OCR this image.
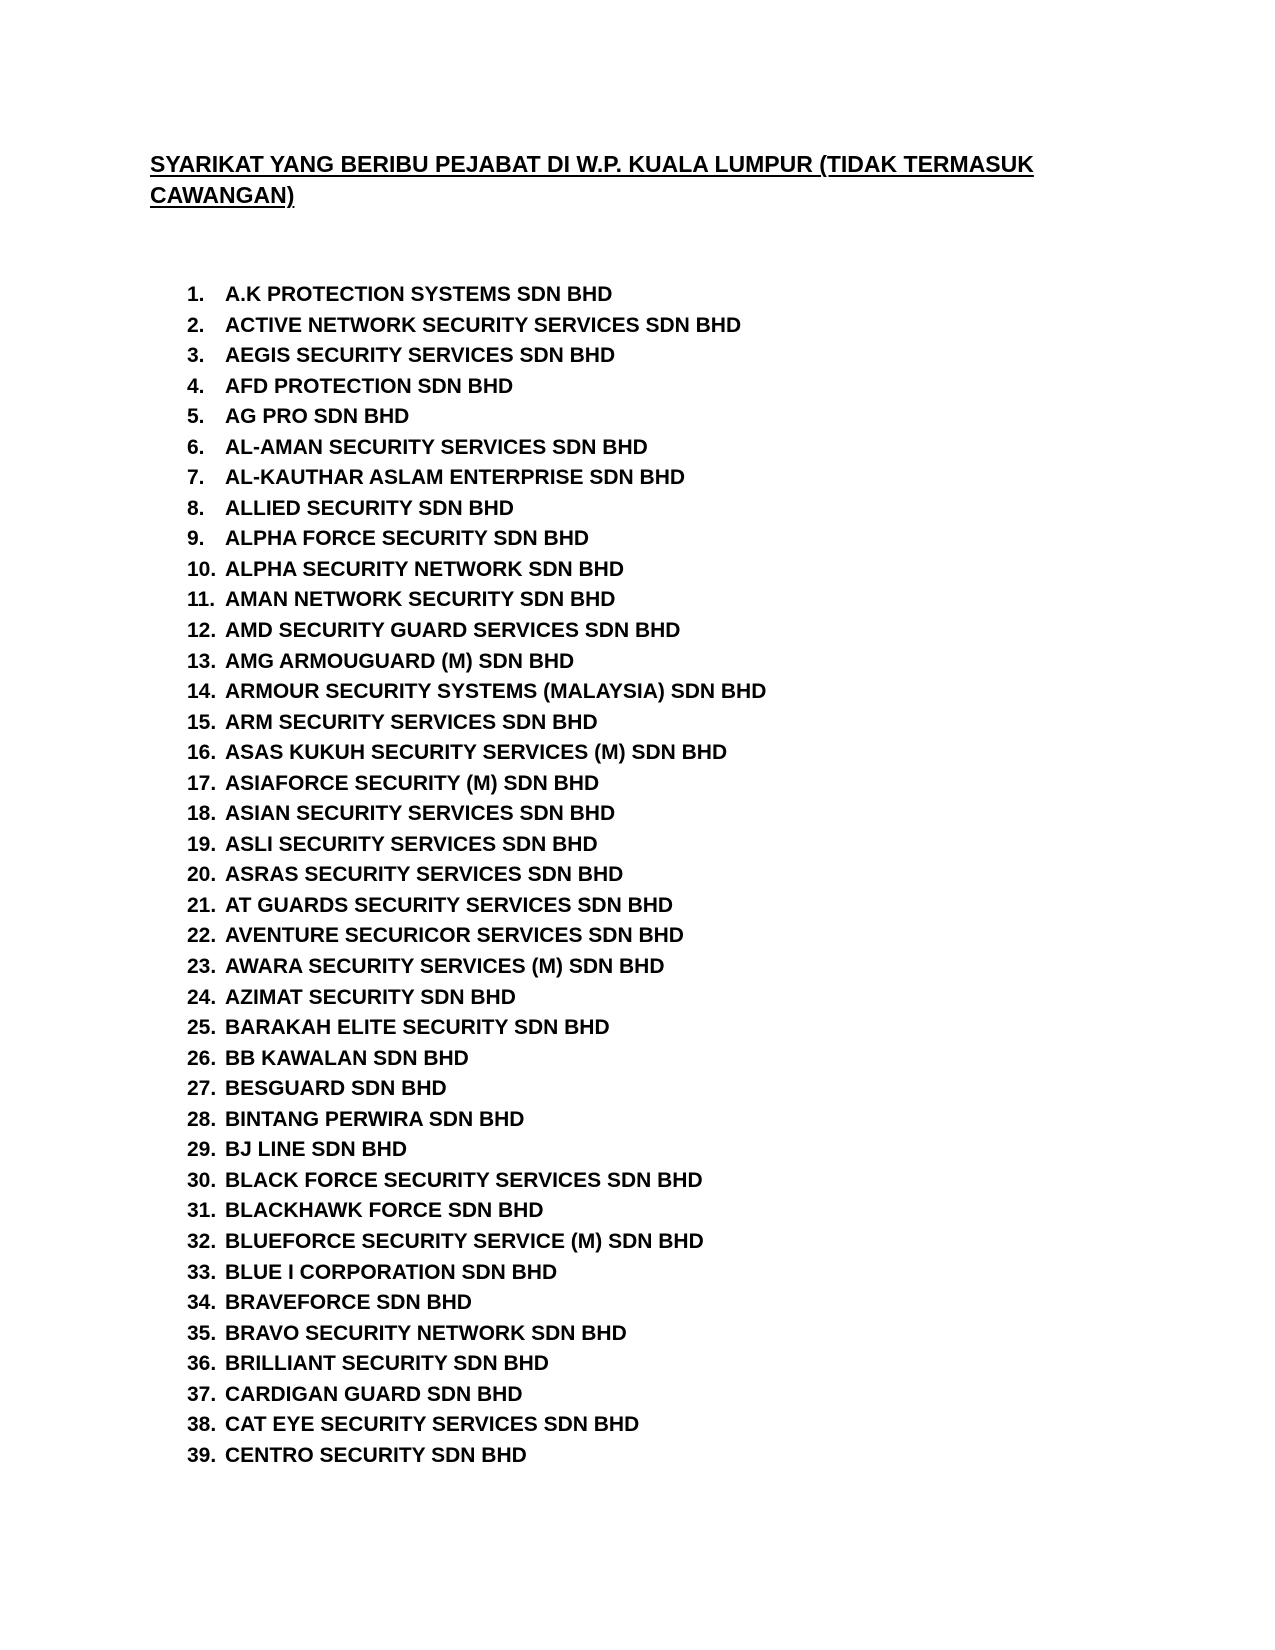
SYARIKAT YANG BERIBU PEJABAT DI W.P. KUALA LUMPUR (TIDAK TERMASUK CAWANGAN)
1. A.K PROTECTION SYSTEMS SDN BHD
2. ACTIVE NETWORK SECURITY SERVICES SDN BHD
3. AEGIS SECURITY SERVICES SDN BHD
4. AFD PROTECTION SDN BHD
5. AG PRO SDN BHD
6. AL-AMAN SECURITY SERVICES SDN BHD
7. AL-KAUTHAR ASLAM ENTERPRISE SDN BHD
8. ALLIED SECURITY SDN BHD
9. ALPHA FORCE SECURITY SDN BHD
10. ALPHA SECURITY NETWORK SDN BHD
11. AMAN NETWORK SECURITY SDN BHD
12. AMD SECURITY GUARD SERVICES SDN BHD
13. AMG ARMOUGUARD (M) SDN BHD
14. ARMOUR SECURITY SYSTEMS (MALAYSIA) SDN BHD
15. ARM SECURITY SERVICES SDN BHD
16. ASAS KUKUH SECURITY SERVICES (M) SDN BHD
17. ASIAFORCE SECURITY (M) SDN BHD
18. ASIAN SECURITY SERVICES SDN BHD
19. ASLI SECURITY SERVICES SDN BHD
20. ASRAS SECURITY SERVICES SDN BHD
21. AT GUARDS SECURITY SERVICES SDN BHD
22. AVENTURE SECURICOR SERVICES SDN BHD
23. AWARA SECURITY SERVICES (M) SDN BHD
24. AZIMAT SECURITY SDN BHD
25. BARAKAH ELITE SECURITY SDN BHD
26. BB KAWALAN SDN BHD
27. BESGUARD SDN BHD
28. BINTANG PERWIRA SDN BHD
29. BJ LINE SDN BHD
30. BLACK FORCE SECURITY SERVICES SDN BHD
31. BLACKHAWK FORCE SDN BHD
32. BLUEFORCE SECURITY SERVICE (M) SDN BHD
33. BLUE I CORPORATION SDN BHD
34. BRAVEFORCE SDN BHD
35. BRAVO SECURITY NETWORK SDN BHD
36. BRILLIANT SECURITY SDN BHD
37. CARDIGAN GUARD SDN BHD
38. CAT EYE SECURITY SERVICES SDN BHD
39. CENTRO SECURITY SDN BHD
